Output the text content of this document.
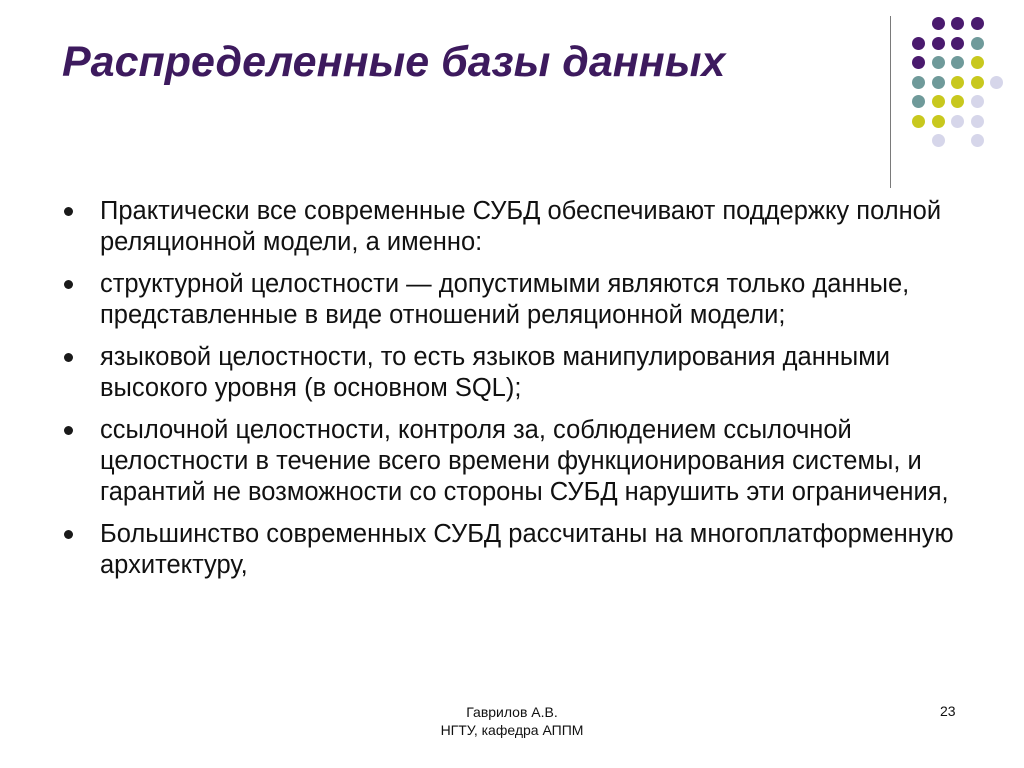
Распределенные базы данных
Практически все современные СУБД обеспечивают поддержку полной реляционной модели, а именно:
структурной целостности — допустимыми являются только данные, представленные в виде отношений реляционной модели;
языковой целостности, то есть языков манипулирования данными высокого уровня (в основном SQL);
ссылочной целостности, контроля за, соблюдением ссылочной целостности в течение всего времени функционирования системы, и гарантий не возможности со стороны СУБД нарушить эти ограничения,
Большинство современных СУБД рассчитаны на многоплатформенную архитектуру,
Гаврилов А.В.
НГТУ, кафедра АППМ
23
